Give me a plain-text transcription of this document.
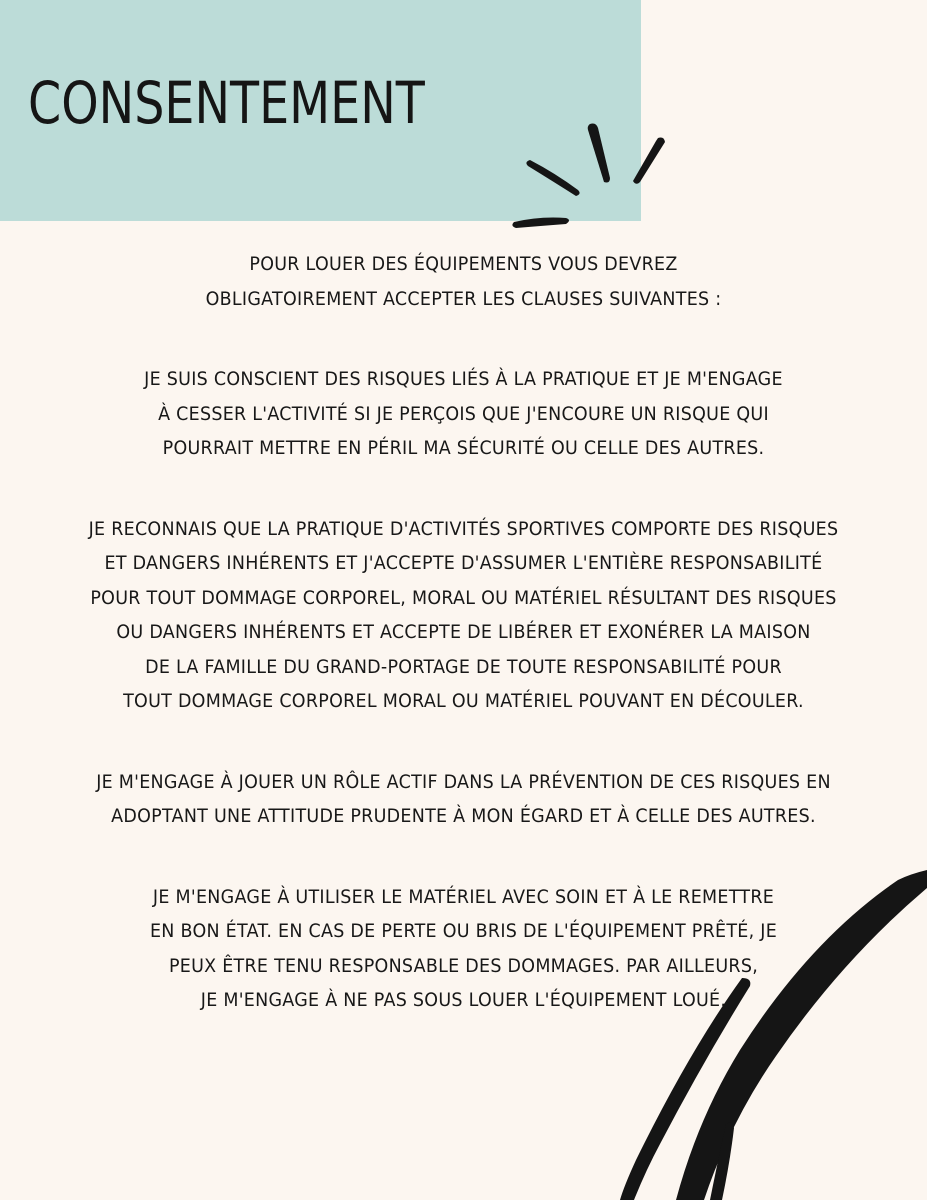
CONSENTEMENT
POUR LOUER DES ÉQUIPEMENTS VOUS DEVREZ
OBLIGATOIREMENT ACCEPTER LES CLAUSES SUIVANTES :
JE SUIS CONSCIENT DES RISQUES LIÉS À LA PRATIQUE ET JE M'ENGAGE
À CESSER L'ACTIVITÉ SI JE PERÇOIS QUE J'ENCOURE UN RISQUE QUI
POURRAIT METTRE EN PÉRIL MA SÉCURITÉ OU CELLE DES AUTRES.
JE RECONNAIS QUE LA PRATIQUE D'ACTIVITÉS SPORTIVES COMPORTE DES RISQUES
ET DANGERS INHÉRENTS ET J'ACCEPTE D'ASSUMER L'ENTIÈRE RESPONSABILITÉ
POUR TOUT DOMMAGE CORPOREL, MORAL OU MATÉRIEL RÉSULTANT DES RISQUES
OU DANGERS INHÉRENTS ET ACCEPTE DE LIBÉRER ET EXONÉRER LA MAISON
DE LA FAMILLE DU GRAND-PORTAGE DE TOUTE RESPONSABILITÉ POUR
TOUT DOMMAGE CORPOREL MORAL OU MATÉRIEL POUVANT EN DÉCOULER.
JE M'ENGAGE À JOUER UN RÔLE ACTIF DANS LA PRÉVENTION DE CES RISQUES EN
ADOPTANT UNE ATTITUDE PRUDENTE À MON ÉGARD ET À CELLE DES AUTRES.
JE M'ENGAGE À UTILISER LE MATÉRIEL AVEC SOIN ET À LE REMETTRE
EN BON ÉTAT. EN CAS DE PERTE OU BRIS DE L'ÉQUIPEMENT PRÊTÉ, JE
PEUX ÊTRE TENU RESPONSABLE DES DOMMAGES. PAR AILLEURS,
JE M'ENGAGE À NE PAS SOUS LOUER L'ÉQUIPEMENT LOUÉ.
